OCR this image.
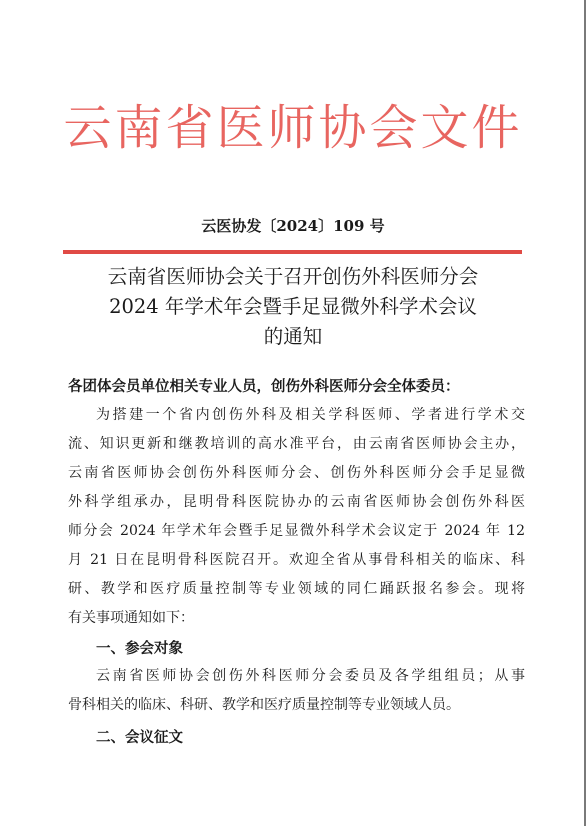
云南省医师协会文件
云医协发〔2024〕109 号
云南省医师协会关于召开创伤外科医师分会
2024 年学术年会暨手足显微外科学术会议
的通知
各团体会员单位相关专业人员，创伤外科医师分会全体委员：
为搭建一个省内创伤外科及相关学科医师、学者进行学术交
流、知识更新和继教培训的高水准平台，由云南省医师协会主办，
云南省医师协会创伤外科医师分会、创伤外科医师分会手足显微
外科学组承办，昆明骨科医院协办的云南省医师协会创伤外科医
师分会 2024 年学术年会暨手足显微外科学术会议定于 2024 年 12
月 21 日在昆明骨科医院召开。欢迎全省从事骨科相关的临床、科
研、教学和医疗质量控制等专业领域的同仁踊跃报名参会。现将
有关事项通知如下：
一、参会对象
云南省医师协会创伤外科医师分会委员及各学组组员；从事
骨科相关的临床、科研、教学和医疗质量控制等专业领域人员。
二、会议征文
